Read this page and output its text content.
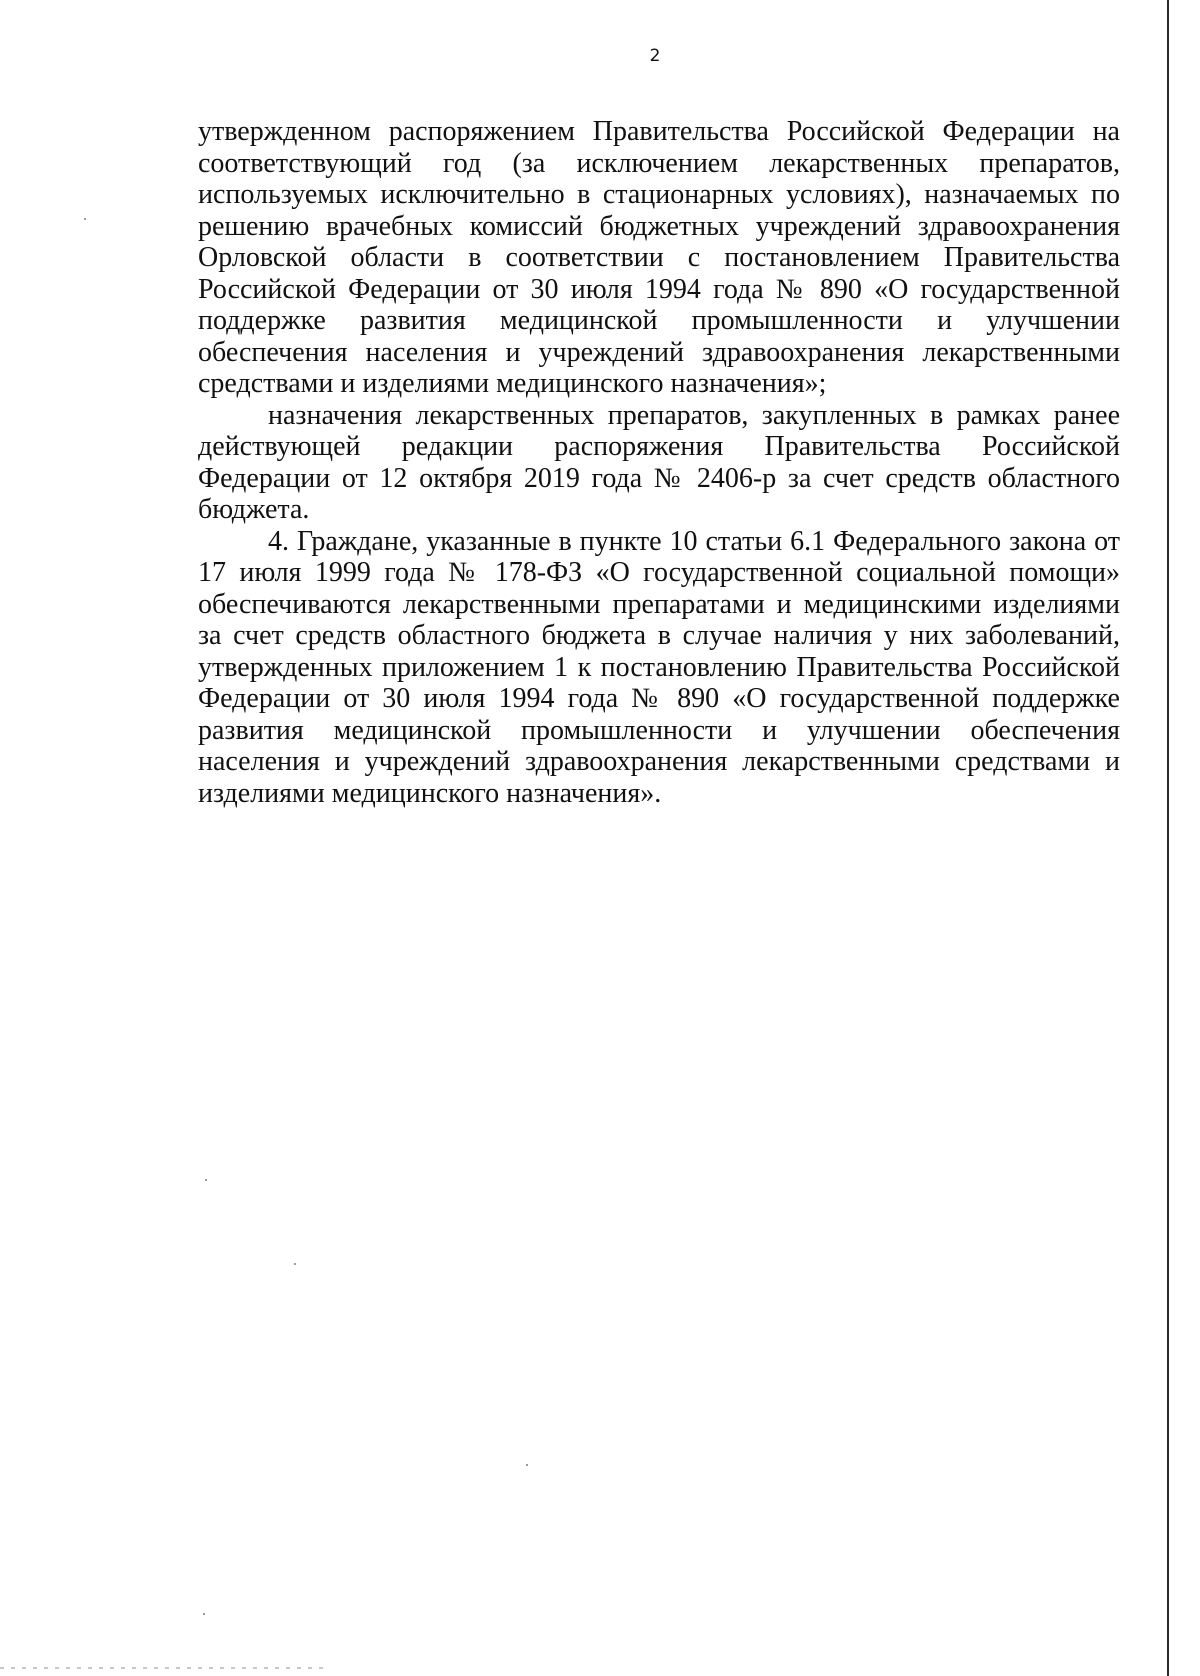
2

утвержденном распоряжением Правительства Российской Федерации на соответствующий год (за исключением лекарственных препаратов, используемых исключительно в стационарных условиях), назначаемых по решению врачебных комиссий бюджетных учреждений здравоохранения Орловской области в соответствии с постановлением Правительства Российской Федерации от 30 июля 1994 года № 890 «О государственной поддержке развития медицинской промышленности и улучшении обеспечения населения и учреждений здравоохранения лекарственными средствами и изделиями медицинского назначения»;

назначения лекарственных препаратов, закупленных в рамках ранее действующей редакции распоряжения Правительства Российской Федерации от 12 октября 2019 года № 2406-р за счет средств областного бюджета.

4. Граждане, указанные в пункте 10 статьи 6.1 Федерального закона от 17 июля 1999 года № 178-ФЗ «О государственной социальной помощи» обеспечиваются лекарственными препаратами и медицинскими изделиями за счет средств областного бюджета в случае наличия у них заболеваний, утвержденных приложением 1 к постановлению Правительства Российской Федерации от 30 июля 1994 года № 890 «О государственной поддержке развития медицинской промышленности и улучшении обеспечения населения и учреждений здравоохранения лекарственными средствами и изделиями медицинского назначения».
